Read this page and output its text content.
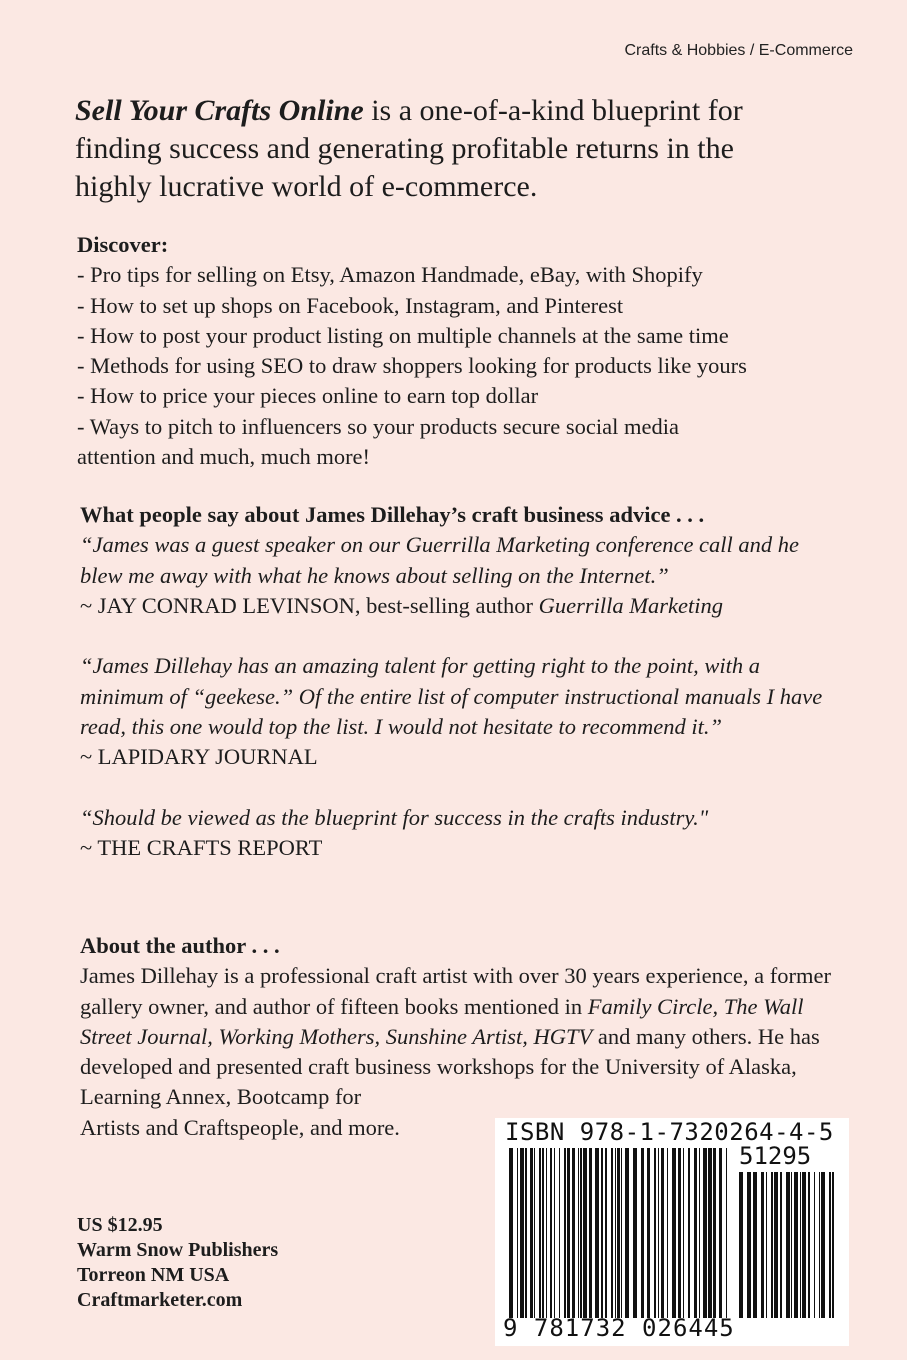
Crafts & Hobbies / E-Commerce

Sell Your Crafts Online is a one-of-a-kind blueprint for finding success and generating profitable returns in the highly lucrative world of e-commerce.

Discover:
- Pro tips for selling on Etsy, Amazon Handmade, eBay, with Shopify
- How to set up shops on Facebook, Instagram, and Pinterest
- How to post your product listing on multiple channels at the same time
- Methods for using SEO to draw shoppers looking for products like yours
- How to price your pieces online to earn top dollar
- Ways to pitch to influencers so your products secure social media attention and much, much more!
What people say about James Dillehay’s craft business advice . . .
“James was a guest speaker on our Guerrilla Marketing conference call and he blew me away with what he knows about selling on the Internet.”
~ JAY CONRAD LEVINSON, best-selling author Guerrilla Marketing
“James Dillehay has an amazing talent for getting right to the point, with a minimum of “geekese.” Of the entire list of computer instructional manuals I have read, this one would top the list. I would not hesitate to recommend it.”
~ LAPIDARY JOURNAL
“Should be viewed as the blueprint for success in the crafts industry."
~ THE CRAFTS REPORT
About the author . . .

James Dillehay is a professional craft artist with over 30 years experience, a former gallery owner, and author of fifteen books mentioned in Family Circle, The Wall Street Journal, Working Mothers, Sunshine Artist, HGTV and many others. He has developed and presented craft business workshops for the University of Alaska,

Learning Annex, Bootcamp for
Artists and Craftspeople, and more.
US $12.95
Warm Snow Publishers
Torreon NM USA
Craftmarketer.com
ISBN 978-1-7320264-4-5
51295
9 781732 026445
